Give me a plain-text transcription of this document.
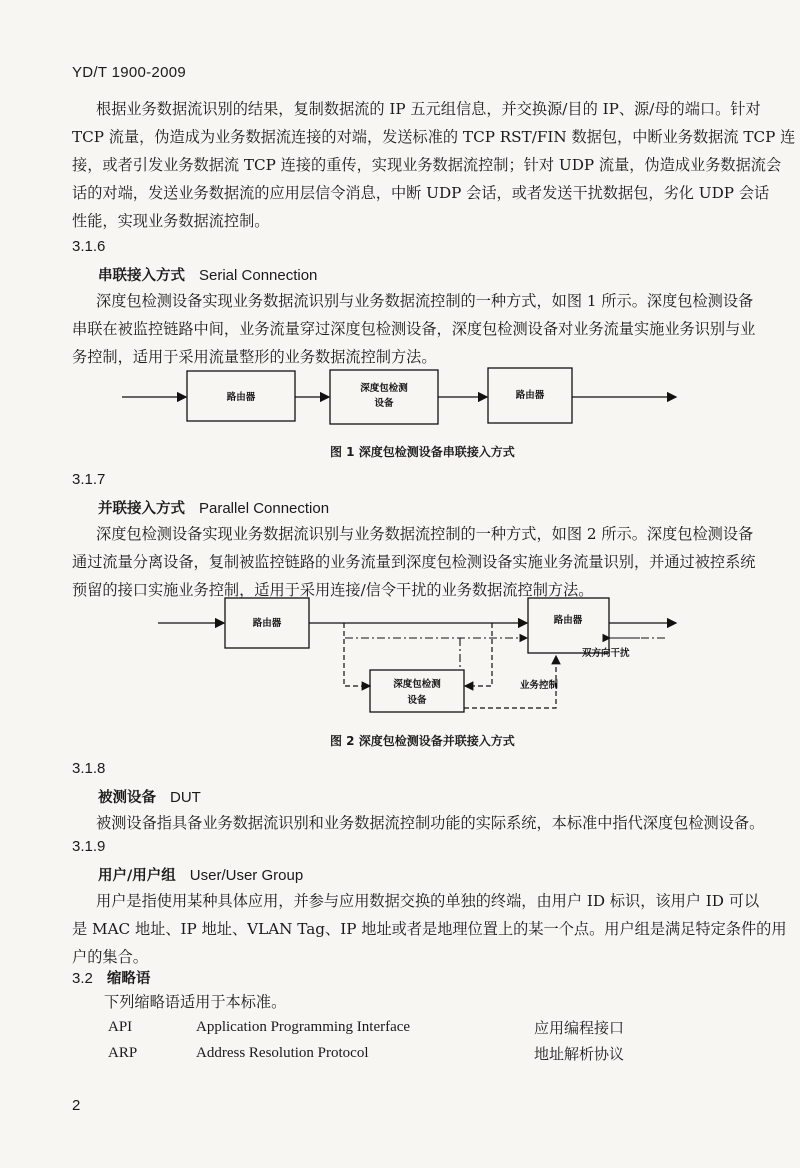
YD/T 1900-2009
根据业务数据流识别的结果，复制数据流的 IP 五元组信息，并交换源/目的 IP、源/母的端口。针对
TCP 流量，伪造成为业务数据流连接的对端，发送标准的 TCP RST/FIN 数据包，中断业务数据流 TCP 连
接，或者引发业务数据流 TCP 连接的重传，实现业务数据流控制；针对 UDP 流量，伪造成业务数据流会
话的对端，发送业务数据流的应用层信令消息，中断 UDP 会话，或者发送干扰数据包，劣化 UDP 会话
性能，实现业务数据流控制。
3.1.6
串联接入方式 Serial Connection
深度包检测设备实现业务数据流识别与业务数据流控制的一种方式，如图 1 所示。深度包检测设备
串联在被监控链路中间，业务流量穿过深度包检测设备，深度包检测设备对业务流量实施业务识别与业
务控制，适用于采用流量整形的业务数据流控制方法。
路由器
深度包检测
设备
路由器
图 1 深度包检测设备串联接入方式
3.1.7
并联接入方式 Parallel Connection
深度包检测设备实现业务数据流识别与业务数据流控制的一种方式，如图 2 所示。深度包检测设备
通过流量分离设备，复制被监控链路的业务流量到深度包检测设备实施业务流量识别，并通过被控系统
预留的接口实施业务控制，适用于采用连接/信令干扰的业务数据流控制方法。
路由器	路由器
深度包检测
设备
双方向干扰
业务控制
图 2 深度包检测设备并联接入方式
3.1.8
被测设备 DUT
被测设备指具备业务数据流识别和业务数据流控制功能的实际系统，本标准中指代深度包检测设备。
3.1.9
用户/用户组 User/User Group
用户是指使用某种具体应用，并参与应用数据交换的单独的终端，由用户 ID 标识，该用户 ID 可以
是 MAC 地址、IP 地址、VLAN Tag、IP 地址或者是地理位置上的某一个点。用户组是满足特定条件的用
户的集合。
3.2 缩略语
下列缩略语适用于本标准。
API	Application Programming Interface	应用编程接口
ARP	Address Resolution Protocol	地址解析协议
2
